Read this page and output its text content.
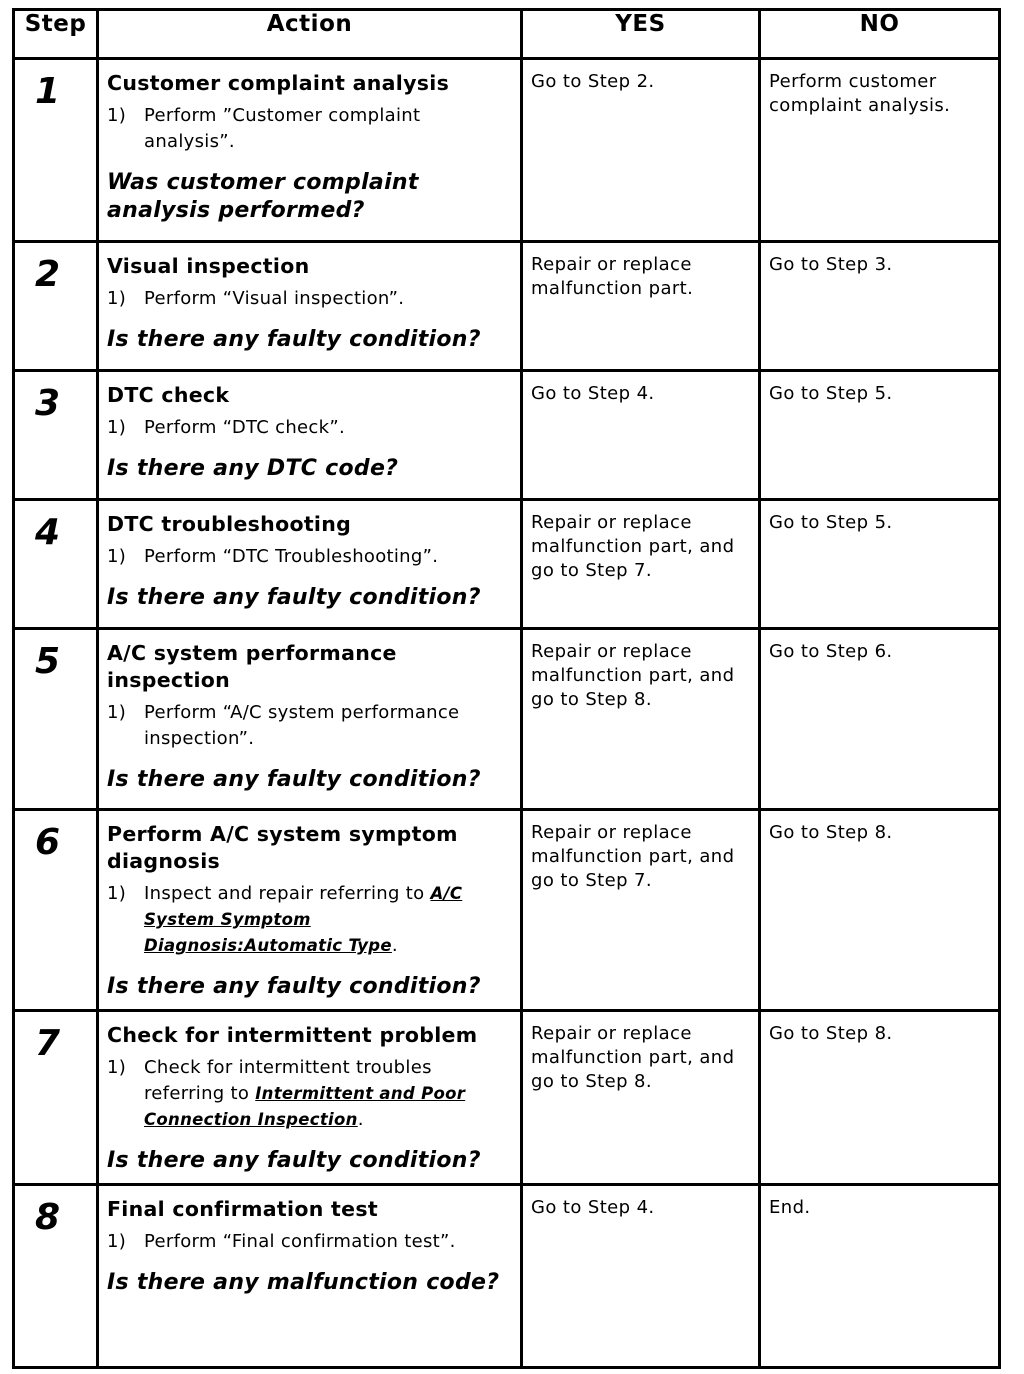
Step	Action	YES	NO

1	Customer complaint analysis

1) Perform ”Customer complaint analysis”.
Was customer complaint analysis performed?	Go to Step 2.	Perform customer complaint analysis.

2	Visual inspection

1) Perform “Visual inspection”.
Is there any faulty condition?	Repair or replace malfunction part.	Go to Step 3.

3	DTC check

1) Perform “DTC check”.
Is there any DTC code?	Go to Step 4.	Go to Step 5.

4	DTC troubleshooting

1) Perform “DTC Troubleshooting”.
Is there any faulty condition?	Repair or replace malfunction part, and go to Step 7.	Go to Step 5.

5	A/C system performance inspection

1) Perform “A/C system performance inspection”.
Is there any faulty condition?	Repair or replace malfunction part, and go to Step 8.	Go to Step 6.

6	Perform A/C system symptom diagnosis

1) Inspect and repair referring to A/C System Symptom Diagnosis:Automatic Type.
Is there any faulty condition?	Repair or replace malfunction part, and go to Step 7.	Go to Step 8.

7	Check for intermittent problem

1) Check for intermittent troubles referring to Intermittent and Poor Connection Inspection.
Is there any faulty condition?	Repair or replace malfunction part, and go to Step 8.	Go to Step 8.

8	Final confirmation test

1) Perform “Final confirmation test”.
Is there any malfunction code?	Go to Step 4.	End.
